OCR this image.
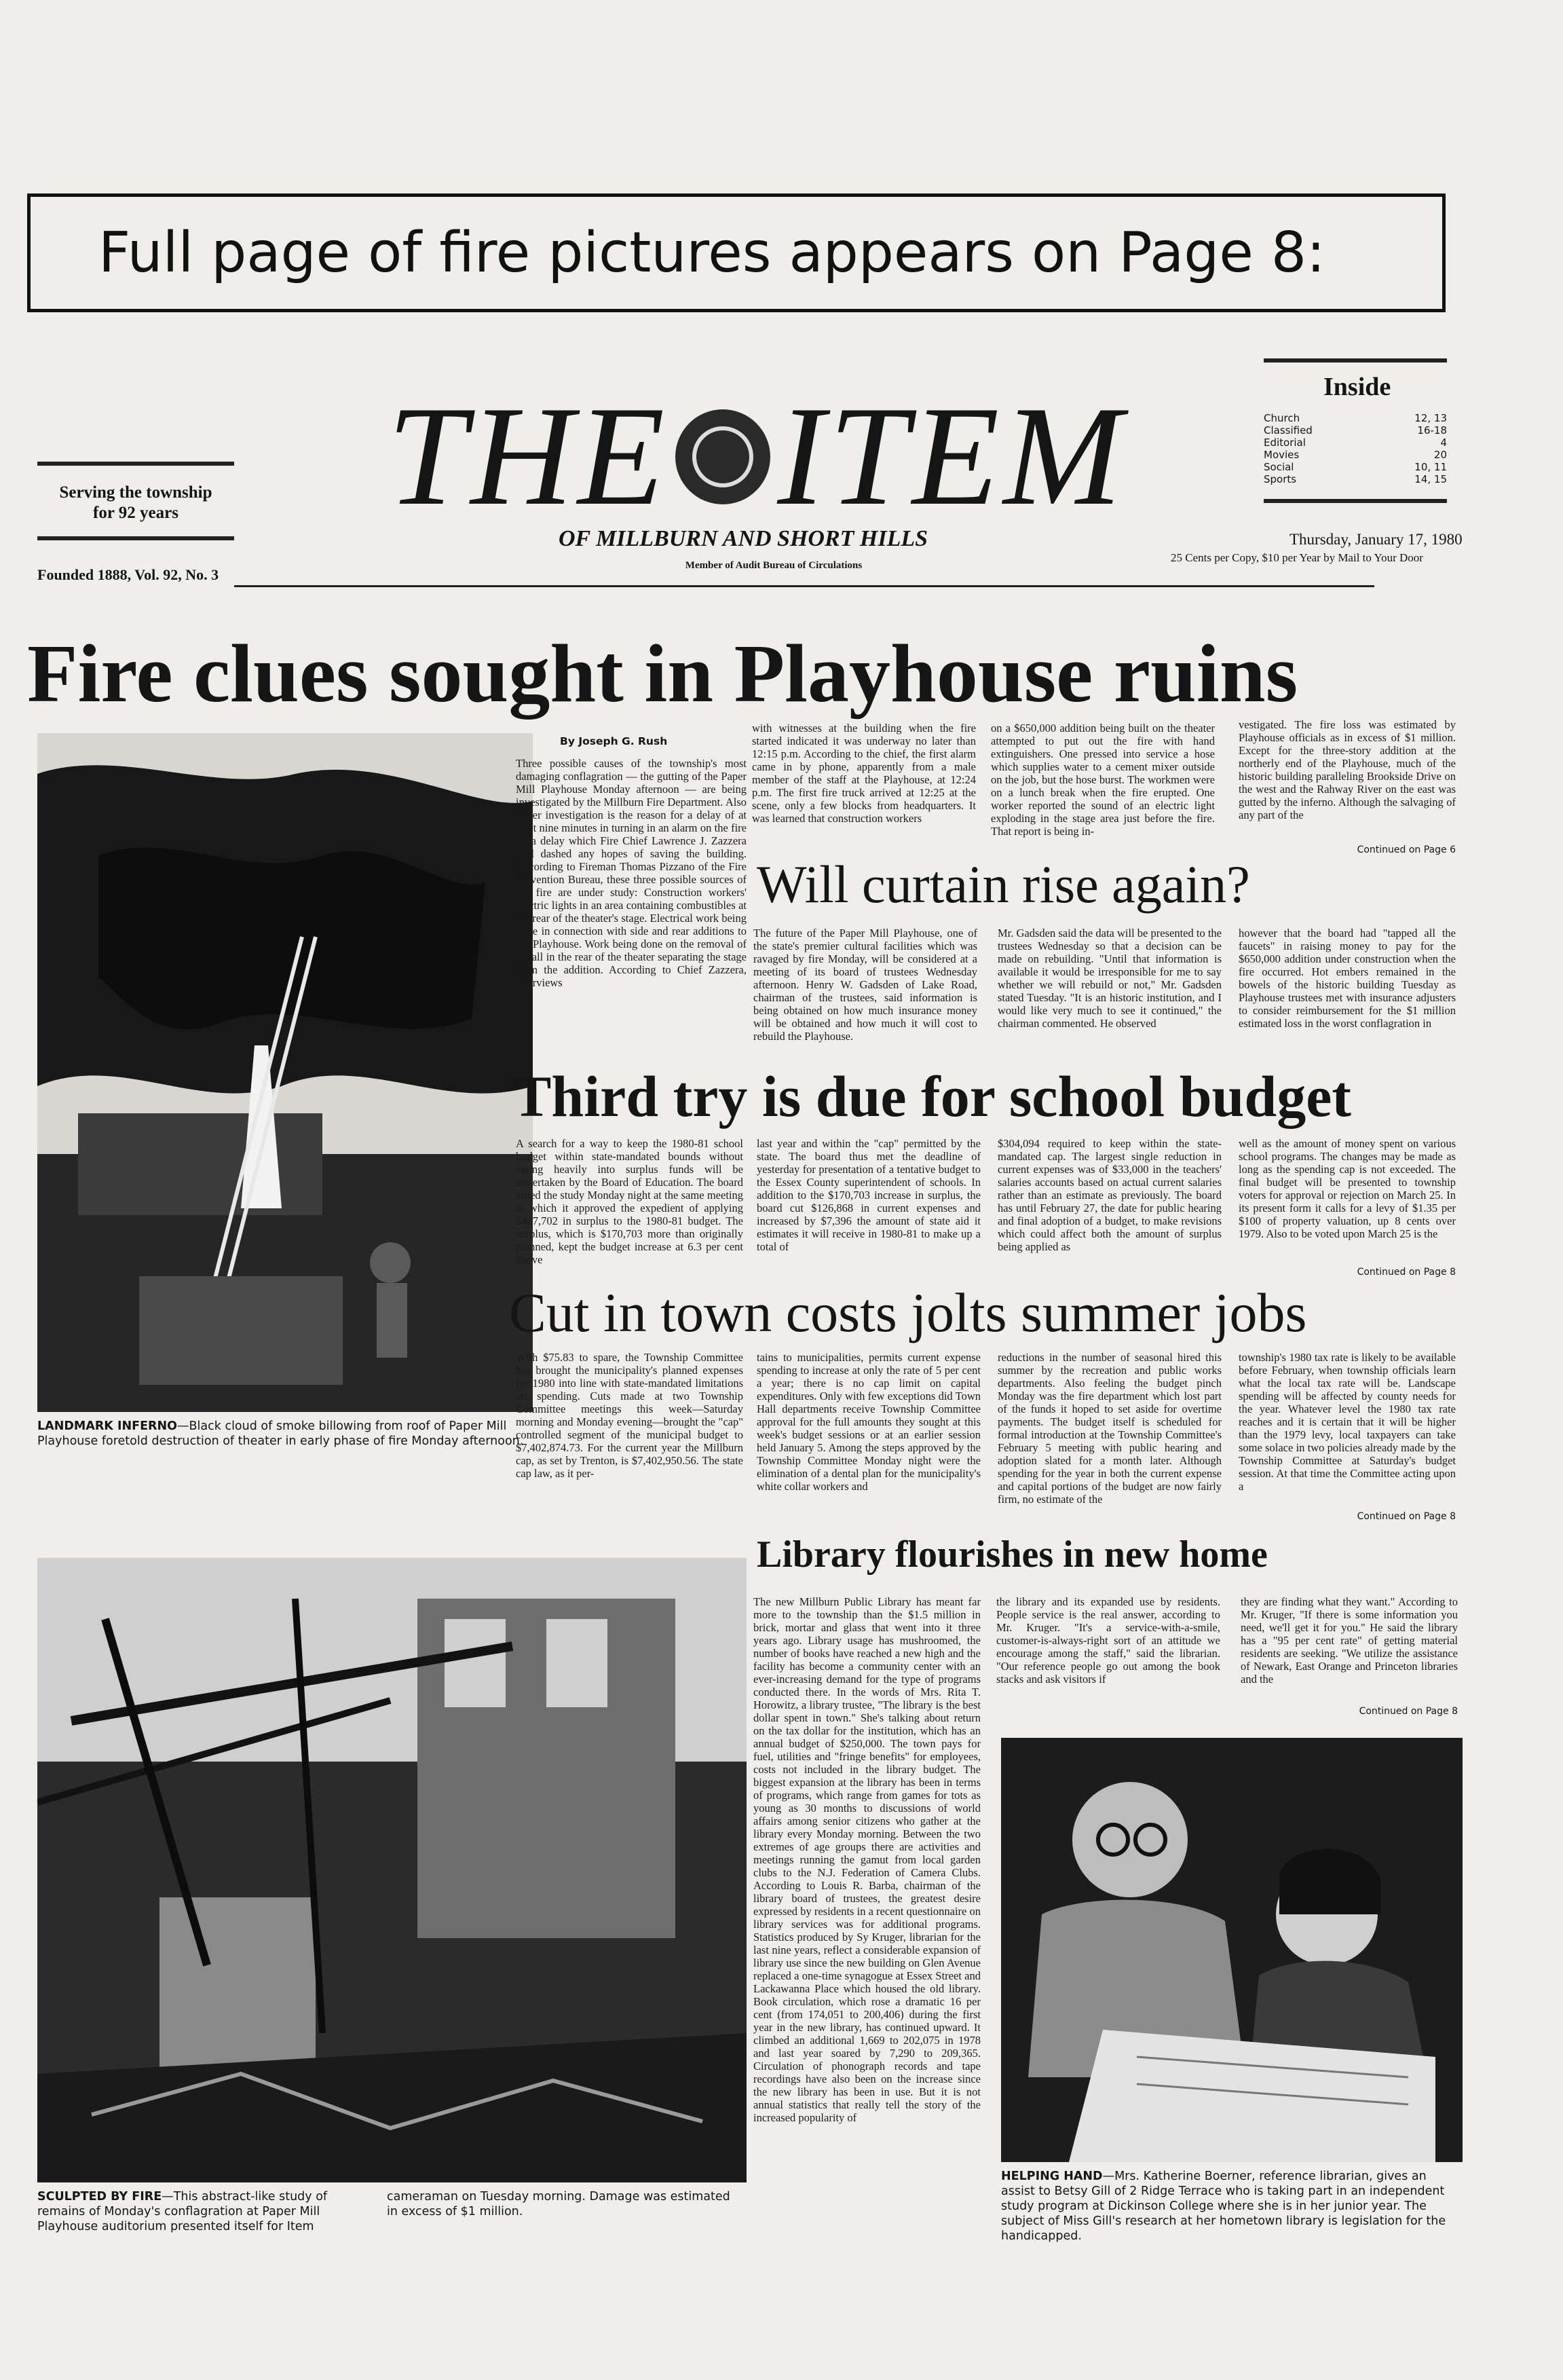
Full page of fire pictures appears on Page 8:
Serving the township
for 92 years
Founded 1888, Vol. 92, No. 3
THE ITEM
OF MILLBURN AND SHORT HILLS
Member of Audit Bureau of Circulations
Inside
Church	12, 13
Classified	16-18
Editorial	4
Movies	20
Social	10, 11
Sports	14, 15
Thursday, January 17, 1980
25 Cents per Copy, $10 per Year by Mail to Your Door
Fire clues sought in Playhouse ruins
LANDMARK INFERNO—Black cloud of smoke billowing from roof of Paper Mill Playhouse foretold destruction of theater in early phase of fire Monday afternoon.
By Joseph G. Rush
Three possible causes of the township's most damaging conflagration — the gutting of the Paper Mill Playhouse Monday afternoon — are being investigated by the Millburn Fire Department. Also under investigation is the reason for a delay of at least nine minutes in turning in an alarm on the fire — a delay which Fire Chief Lawrence J. Zazzera said dashed any hopes of saving the building. According to Fireman Thomas Pizzano of the Fire Prevention Bureau, these three possible sources of the fire are under study: Construction workers' electric lights in an area containing combustibles at the rear of the theater's stage. Electrical work being done in connection with side and rear additions to the Playhouse. Work being done on the removal of a wall in the rear of the theater separating the stage from the addition. According to Chief Zazzera, interviews
with witnesses at the building when the fire started indicated it was underway no later than 12:15 p.m. According to the chief, the first alarm came in by phone, apparently from a male member of the staff at the Playhouse, at 12:24 p.m. The first fire truck arrived at 12:25 at the scene, only a few blocks from headquarters. It was learned that construction workers
on a $650,000 addition being built on the theater attempted to put out the fire with hand extinguishers. One pressed into service a hose which supplies water to a cement mixer outside on the job, but the hose burst. The workmen were on a lunch break when the fire erupted. One worker reported the sound of an electric light exploding in the stage area just before the fire. That report is being in-
vestigated. The fire loss was estimated by Playhouse officials as in excess of $1 million. Except for the three-story addition at the northerly end of the Playhouse, much of the historic building paralleling Brookside Drive on the west and the Rahway River on the east was gutted by the inferno. Although the salvaging of any part of the
Continued on Page 6
Will curtain rise again?
The future of the Paper Mill Playhouse, one of the state's premier cultural facilities which was ravaged by fire Monday, will be considered at a meeting of its board of trustees Wednesday afternoon. Henry W. Gadsden of Lake Road, chairman of the trustees, said information is being obtained on how much insurance money will be obtained and how much it will cost to rebuild the Playhouse.
Mr. Gadsden said the data will be presented to the trustees Wednesday so that a decision can be made on rebuilding. "Until that information is available it would be irresponsible for me to say whether we will rebuild or not," Mr. Gadsden stated Tuesday. "It is an historic institution, and I would like very much to see it continued," the chairman commented. He observed
however that the board had "tapped all the faucets" in raising money to pay for the $650,000 addition under construction when the fire occurred. Hot embers remained in the bowels of the historic building Tuesday as Playhouse trustees met with insurance adjusters to consider reimbursement for the $1 million estimated loss in the worst conflagration in
Third try is due for school budget
A search for a way to keep the 1980-81 school budget within state-mandated bounds without eating heavily into surplus funds will be undertaken by the Board of Education. The board voted the study Monday night at the same meeting at which it approved the expedient of applying $407,702 in surplus to the 1980-81 budget. The surplus, which is $170,703 more than originally planned, kept the budget increase at 6.3 per cent above
last year and within the "cap" permitted by the state. The board thus met the deadline of yesterday for presentation of a tentative budget to the Essex County superintendent of schools. In addition to the $170,703 increase in surplus, the board cut $126,868 in current expenses and increased by $7,396 the amount of state aid it estimates it will receive in 1980-81 to make up a total of
$304,094 required to keep within the state-mandated cap. The largest single reduction in current expenses was of $33,000 in the teachers' salaries accounts based on actual current salaries rather than an estimate as previously. The board has until February 27, the date for public hearing and final adoption of a budget, to make revisions which could affect both the amount of surplus being applied as
well as the amount of money spent on various school programs. The changes may be made as long as the spending cap is not exceeded. The final budget will be presented to township voters for approval or rejection on March 25. In its present form it calls for a levy of $1.35 per $100 of property valuation, up 8 cents over 1979. Also to be voted upon March 25 is the
Continued on Page 8
Cut in town costs jolts summer jobs
With $75.83 to spare, the Township Committee has brought the municipality's planned expenses for 1980 into line with state-mandated limitations on spending. Cuts made at two Township Committee meetings this week—Saturday morning and Monday evening—brought the "cap" controlled segment of the municipal budget to $7,402,874.73. For the current year the Millburn cap, as set by Trenton, is $7,402,950.56. The state cap law, as it per-
tains to municipalities, permits current expense spending to increase at only the rate of 5 per cent a year; there is no cap limit on capital expenditures. Only with few exceptions did Town Hall departments receive Township Committee approval for the full amounts they sought at this week's budget sessions or at an earlier session held January 5. Among the steps approved by the Township Committee Monday night were the elimination of a dental plan for the municipality's white collar workers and
reductions in the number of seasonal hired this summer by the recreation and public works departments. Also feeling the budget pinch Monday was the fire department which lost part of the funds it hoped to set aside for overtime payments. The budget itself is scheduled for formal introduction at the Township Committee's February 5 meeting with public hearing and adoption slated for a month later. Although spending for the year in both the current expense and capital portions of the budget are now fairly firm, no estimate of the
township's 1980 tax rate is likely to be available before February, when township officials learn what the local tax rate will be. Landscape spending will be affected by county needs for the year. Whatever level the 1980 tax rate reaches and it is certain that it will be higher than the 1979 levy, local taxpayers can take some solace in two policies already made by the Township Committee at Saturday's budget session. At that time the Committee acting upon a
Continued on Page 8
SCULPTED BY FIRE—This abstract-like study of remains of Monday's conflagration at Paper Mill Playhouse auditorium presented itself for Item
cameraman on Tuesday morning. Damage was estimated in excess of $1 million.
Library flourishes in new home
The new Millburn Public Library has meant far more to the township than the $1.5 million in brick, mortar and glass that went into it three years ago. Library usage has mushroomed, the number of books have reached a new high and the facility has become a community center with an ever-increasing demand for the type of programs conducted there. In the words of Mrs. Rita T. Horowitz, a library trustee, "The library is the best dollar spent in town." She's talking about return on the tax dollar for the institution, which has an annual budget of $250,000. The town pays for fuel, utilities and "fringe benefits" for employees, costs not included in the library budget. The biggest expansion at the library has been in terms of programs, which range from games for tots as young as 30 months to discussions of world affairs among senior citizens who gather at the library every Monday morning. Between the two extremes of age groups there are activities and meetings running the gamut from local garden clubs to the N.J. Federation of Camera Clubs. According to Louis R. Barba, chairman of the library board of trustees, the greatest desire expressed by residents in a recent questionnaire on library services was for additional programs. Statistics produced by Sy Kruger, librarian for the last nine years, reflect a considerable expansion of library use since the new building on Glen Avenue replaced a one-time synagogue at Essex Street and Lackawanna Place which housed the old library. Book circulation, which rose a dramatic 16 per cent (from 174,051 to 200,406) during the first year in the new library, has continued upward. It climbed an additional 1,669 to 202,075 in 1978 and last year soared by 7,290 to 209,365. Circulation of phonograph records and tape recordings have also been on the increase since the new library has been in use. But it is not annual statistics that really tell the story of the increased popularity of
the library and its expanded use by residents. People service is the real answer, according to Mr. Kruger. "It's a service-with-a-smile, customer-is-always-right sort of an attitude we encourage among the staff," said the librarian. "Our reference people go out among the book stacks and ask visitors if
they are finding what they want." According to Mr. Kruger, "If there is some information you need, we'll get it for you." He said the library has a "95 per cent rate" of getting material residents are seeking. "We utilize the assistance of Newark, East Orange and Princeton libraries and the
Continued on Page 8
HELPING HAND—Mrs. Katherine Boerner, reference librarian, gives an assist to Betsy Gill of 2 Ridge Terrace who is taking part in an independent study program at Dickinson College where she is in her junior year. The subject of Miss Gill's research at her hometown library is legislation for the handicapped.
